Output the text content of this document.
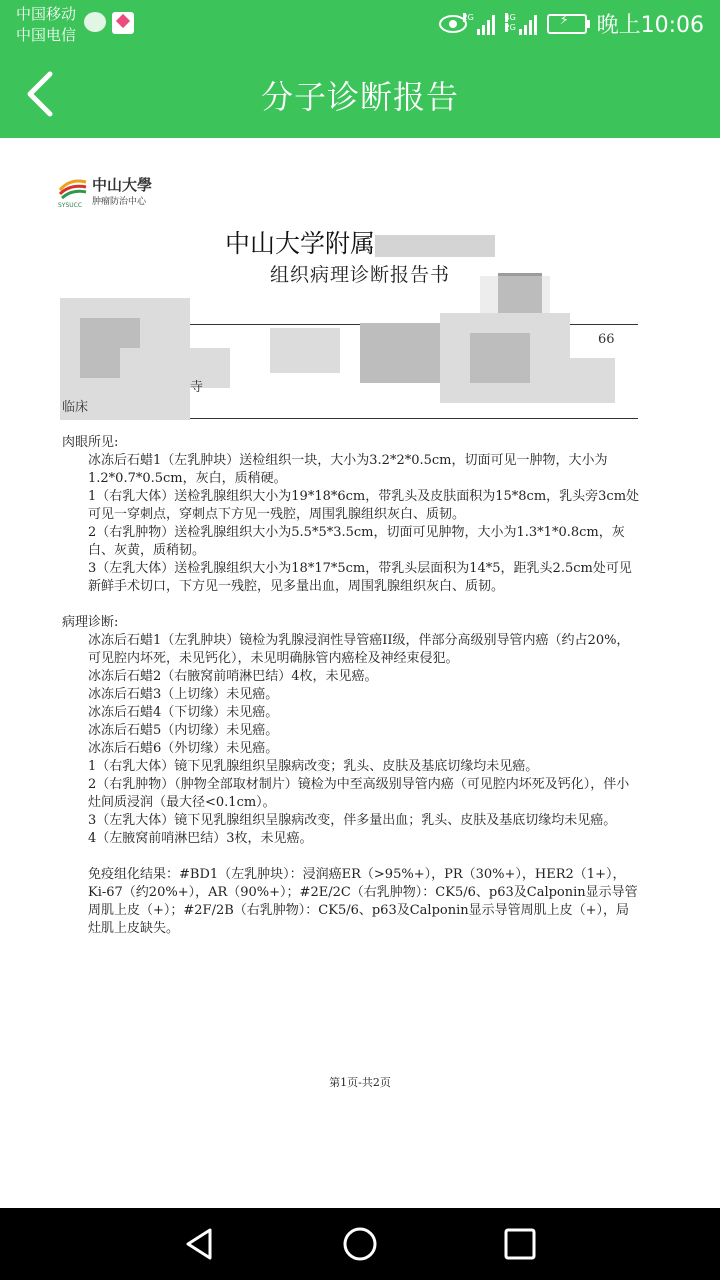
中国移动
中国电信
2G	4G
2G
⚡	晚上10:06
分子诊断报告
中山大學
肿瘤防治中心
SYSUCC
中山大学附属
组织病理诊断报告书
66
寺
临床
肉眼所见:
冰冻后石蜡1（左乳肿块）送检组织一块，大小为3.2*2*0.5cm，切面可见一肿物，大小为1.2*0.7*0.5cm，灰白，质稍硬。
1（右乳大体）送检乳腺组织大小为19*18*6cm，带乳头及皮肤面积为15*8cm，乳头旁3cm处可见一穿刺点，穿刺点下方见一残腔，周围乳腺组织灰白、质韧。
2（右乳肿物）送检乳腺组织大小为5.5*5*3.5cm，切面可见肿物，大小为1.3*1*0.8cm，灰白、灰黄，质稍韧。
3（左乳大体）送检乳腺组织大小为18*17*5cm，带乳头层面积为14*5，距乳头2.5cm处可见新鲜手术切口，下方见一残腔，见多量出血，周围乳腺组织灰白、质韧。
病理诊断:
冰冻后石蜡1（左乳肿块）镜检为乳腺浸润性导管癌II级，伴部分高级别导管内癌（约占20%，可见腔内坏死，未见钙化），未见明确脉管内癌栓及神经束侵犯。
冰冻后石蜡2（右腋窝前哨淋巴结）4枚，未见癌。
冰冻后石蜡3（上切缘）未见癌。
冰冻后石蜡4（下切缘）未见癌。
冰冻后石蜡5（内切缘）未见癌。
冰冻后石蜡6（外切缘）未见癌。
1（右乳大体）镜下见乳腺组织呈腺病改变；乳头、皮肤及基底切缘均未见癌。
2（右乳肿物）（肿物全部取材制片）镜检为中至高级别导管内癌（可见腔内坏死及钙化），伴小灶间质浸润（最大径<0.1cm）。
3（左乳大体）镜下见乳腺组织呈腺病改变，伴多量出血；乳头、皮肤及基底切缘均未见癌。
4（左腋窝前哨淋巴结）3枚，未见癌。
免疫组化结果：#BD1（左乳肿块）：浸润癌ER（>95%+），PR（30%+），HER2（1+），Ki-67（约20%+），AR（90%+）；#2E/2C（右乳肿物）：CK5/6、p63及Calponin显示导管周肌上皮（+）；#2F/2B（右乳肿物）：CK5/6、p63及Calponin显示导管周肌上皮（+），局灶肌上皮缺失。
第1页-共2页
